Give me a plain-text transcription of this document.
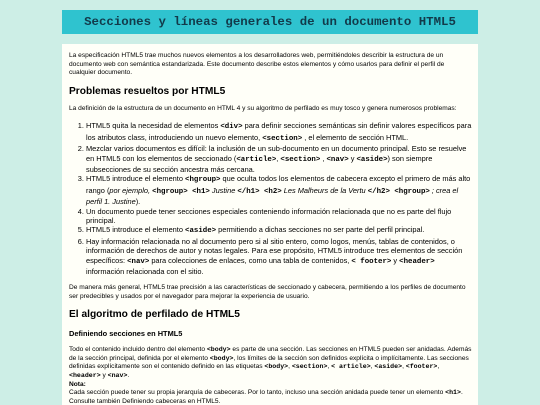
Secciones y líneas generales de un documento HTML5

La especificación HTML5 trae muchos nuevos elementos a los desarrolladores web, permitiéndoles describir la estructura de un documento web con semántica estandarizada. Este documento describe estos elementos y cómo usarlos para definir el perfil de cualquier documento.

Problemas resueltos por HTML5

La definición de la estructura de un documento en HTML 4 y su algoritmo de perfilado es muy tosco y genera numerosos problemas:

1. HTML5 quita la necesidad de elementos <div> para definir secciones semánticas sin definir valores específicos para los atributos class, introduciendo un nuevo elemento, <section> , el elemento de sección HTML.
2. Mezclar varios documentos es difícil: la inclusión de un sub-documento en un documento principal. Esto se resuelve en HTML5 con los elementos de seccionado (<article>, <section> , <nav> y <aside>) son siempre subsecciones de su sección ancestra más cercana.
3. HTML5 introduce el elemento <hgroup> que oculta todos los elementos de cabecera excepto el primero de más alto rango (por ejemplo, <hgroup> <h1> Justine </h1> <h2> Les Malheurs de la Vertu </h2> <hgroup> ; crea el perfil 1. Justine).
4. Un documento puede tener secciones especiales conteniendo información relacionada que no es parte del flujo principal.
5. HTML5 introduce el elemento <aside> permitiendo a dichas secciones no ser parte del perfil principal.
6. Hay información relacionada no al documento pero si al sitio entero, como logos, menús, tablas de contenidos, o información de derechos de autor y notas legales. Para ese propósito, HTML5 introduce tres elementos de sección específicos: <nav> para colecciones de enlaces, como una tabla de contenidos, < footer> y <header> información relacionada con el sitio.

De manera más general, HTML5 trae precisión a las características de seccionado y cabecera, permitiendo a los perfiles de documento ser predecibles y usados por el navegador para mejorar la experiencia de usuario.

El algoritmo de perfilado de HTML5
Definiendo secciones en HTML5

Todo el contenido incluido dentro del elemento <body> es parte de una sección. Las secciones en HTML5 pueden ser anidadas. Además de la sección principal, definida por el elemento <body>, los límites de la sección son definidos explícita o implícitamente. Las secciones definidas explícitamente son el contenido definido en las etiquetas <body>, <section>, < article>, <aside>, <footer>, <header> y <nav>.

Nota:
Cada sección puede tener su propia jerarquía de cabeceras. Por lo tanto, incluso una sección anidada puede tener un elemento <h1>. Consulte también Definiendo cabeceras en HTML5.
